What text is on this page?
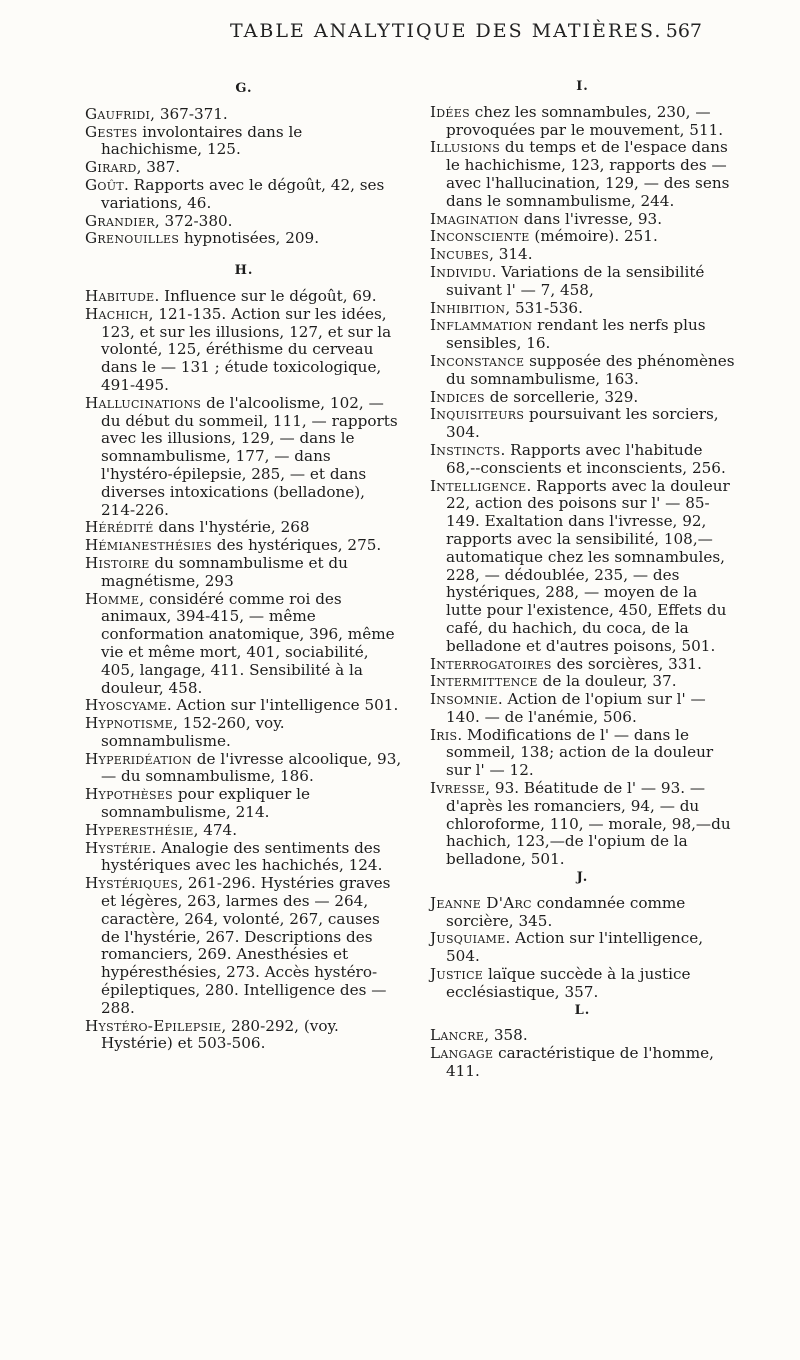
TABLE ANALYTIQUE DES MATIÈRES. 567
G.

Gaufridi, 367-371.

Gestes involontaires dans le hachichisme, 125.

Girard, 387.

Goût. Rapports avec le dégoût, 42, ses variations, 46.

Grandier, 372-380.

Grenouilles hypnotisées, 209.

H.

Habitude. Influence sur le dégoût, 69.

Hachich, 121-135. Action sur les idées, 123, et sur les illusions, 127, et sur la volonté, 125, éréthisme du cerveau dans le — 131 ; étude toxicologique, 491-495.

Hallucinations de l'alcoolisme, 102, — du début du sommeil, 111, — rapports avec les illusions, 129, — dans le somnambulisme, 177, — dans l'hystéro-épilepsie, 285, — et dans diverses intoxications (belladone), 214-226.

Hérédité dans l'hystérie, 268

Hémianesthésies des hystériques, 275.

Histoire du somnambulisme et du magnétisme, 293

Homme, considéré comme roi des animaux, 394-415, — même conformation anatomique, 396, même vie et même mort, 401, sociabilité, 405, langage, 411. Sensibilité à la douleur, 458.

Hyoscyame. Action sur l'intelligence 501.

Hypnotisme, 152-260, voy. somnambulisme.

Hyperidéation de l'ivresse alcoolique, 93, — du somnambulisme, 186.

Hypothèses pour expliquer le somnambulisme, 214.

Hyperesthésie, 474.

Hystérie. Analogie des sentiments des hystériques avec les hachichés, 124.

Hystériques, 261-296. Hystéries graves et légères, 263, larmes des — 264, caractère, 264, volonté, 267, causes de l'hystérie, 267. Descriptions des romanciers, 269. Anesthésies et hypéresthésies, 273. Accès hystéro-épileptiques, 280. Intelligence des — 288.

Hystéro-Epilepsie, 280-292, (voy. Hystérie) et 503-506.

I.

Idées chez les somnambules, 230, — provoquées par le mouvement, 511.

Illusions du temps et de l'espace dans le hachichisme, 123, rapports des — avec l'hallucination, 129, — des sens dans le somnambulisme, 244.

Imagination dans l'ivresse, 93.

Inconsciente (mémoire). 251.

Incubes, 314.

Individu. Variations de la sensibilité suivant l' — 7, 458,

Inhibition, 531-536.

Inflammation rendant les nerfs plus sensibles, 16.

Inconstance supposée des phénomènes du somnambulisme, 163.

Indices de sorcellerie, 329.

Inquisiteurs poursuivant les sorciers, 304.

Instincts. Rapports avec l'habitude 68,--conscients et inconscients, 256.

Intelligence. Rapports avec la douleur 22, action des poisons sur l' — 85-149. Exaltation dans l'ivresse, 92, rapports avec la sensibilité, 108,—automatique chez les somnambules, 228, — dédoublée, 235, — des hystériques, 288, — moyen de la lutte pour l'existence, 450, Effets du café, du hachich, du coca, de la belladone et d'autres poisons, 501.

Interrogatoires des sorcières, 331.

Intermittence de la douleur, 37.

Insomnie. Action de l'opium sur l' — 140. — de l'anémie, 506.

Iris. Modifications de l' — dans le sommeil, 138; action de la douleur sur l' — 12.

Ivresse, 93. Béatitude de l' — 93. — d'après les romanciers, 94, — du chloroforme, 110, — morale, 98,—du hachich, 123,—de l'opium de la belladone, 501.

J.

Jeanne D'Arc condamnée comme sorcière, 345.

Jusquiame. Action sur l'intelligence, 504.

Justice laïque succède à la justice ecclésiastique, 357.

L.

Lancre, 358.

Langage caractéristique de l'homme, 411.
